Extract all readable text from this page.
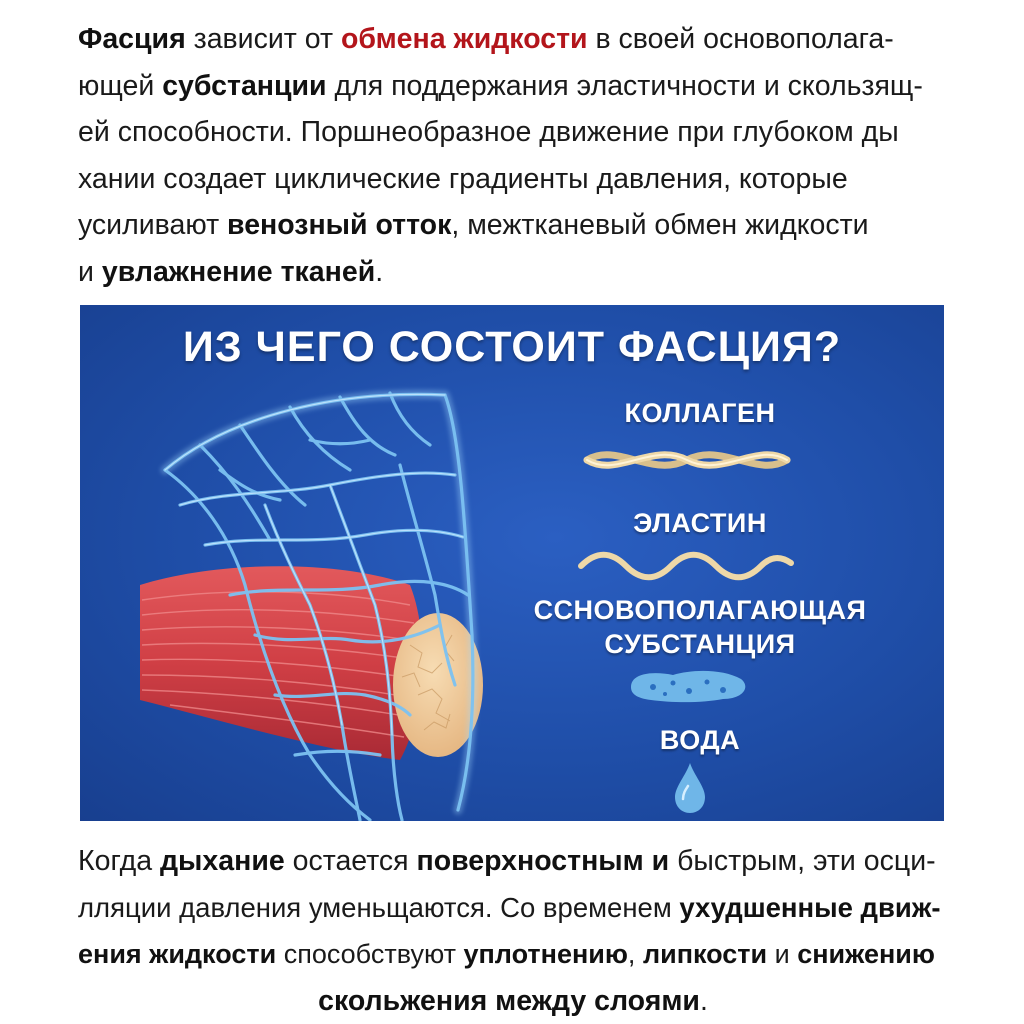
Фасция зависит от обмена жидкости в своей основополага-
ющей субстанции для поддержания эластичности и скользящ-
ей способности. Поршнеобразное движение при глубоком ды
хании создает циклические градиенты давления, которые
усиливают венозный отток, межтканевый обмен жидкости
и увлажнение тканей.
ИЗ ЧЕГО СОСТОИТ ФАСЦИЯ?
КОЛЛАГЕН
ЭЛАСТИН
ССНОВОПОЛАГАЮЩАЯ
СУБСТАНЦИЯ
ВОДА
Когда дыхание остается поверхностным и быстрым, эти осци-
лляции давления уменьщаются. Со временем ухудшенные движ-
ения жидкости способствуют уплотнению, липкости и снижению
скольжения между слоями.
